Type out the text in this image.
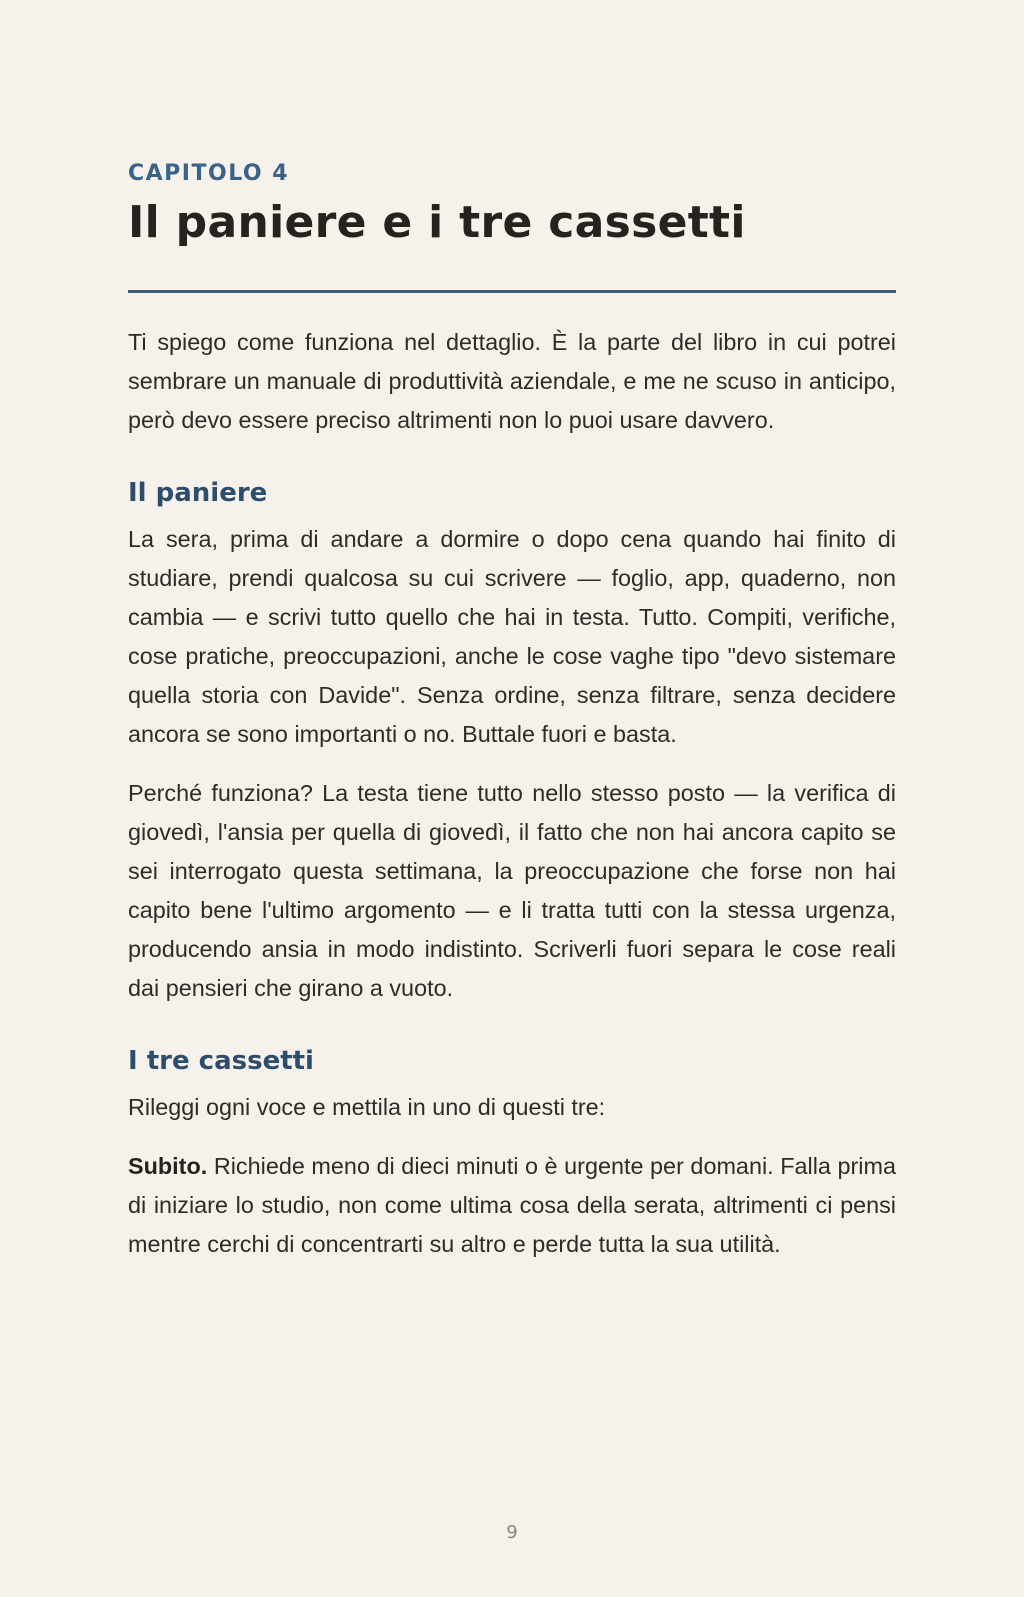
CAPITOLO 4
Il paniere e i tre cassetti

Ti spiego come funziona nel dettaglio. È la parte del libro in cui potrei sembrare un manuale di produttività aziendale, e me ne scuso in anticipo, però devo essere preciso altrimenti non lo puoi usare davvero.

Il paniere

La sera, prima di andare a dormire o dopo cena quando hai finito di studiare, prendi qualcosa su cui scrivere — foglio, app, quaderno, non cambia — e scrivi tutto quello che hai in testa. Tutto. Compiti, verifiche, cose pratiche, preoccupazioni, anche le cose vaghe tipo "devo sistemare quella storia con Davide". Senza ordine, senza filtrare, senza decidere ancora se sono importanti o no. Buttale fuori e basta.

Perché funziona? La testa tiene tutto nello stesso posto — la verifica di giovedì, l'ansia per quella di giovedì, il fatto che non hai ancora capito se sei interrogato questa settimana, la preoccupazione che forse non hai capito bene l'ultimo argomento — e li tratta tutti con la stessa urgenza, producendo ansia in modo indistinto. Scriverli fuori separa le cose reali dai pensieri che girano a vuoto.

I tre cassetti

Rileggi ogni voce e mettila in uno di questi tre:

Subito. Richiede meno di dieci minuti o è urgente per domani. Falla prima di iniziare lo studio, non come ultima cosa della serata, altrimenti ci pensi mentre cerchi di concentrarti su altro e perde tutta la sua utilità.

9
